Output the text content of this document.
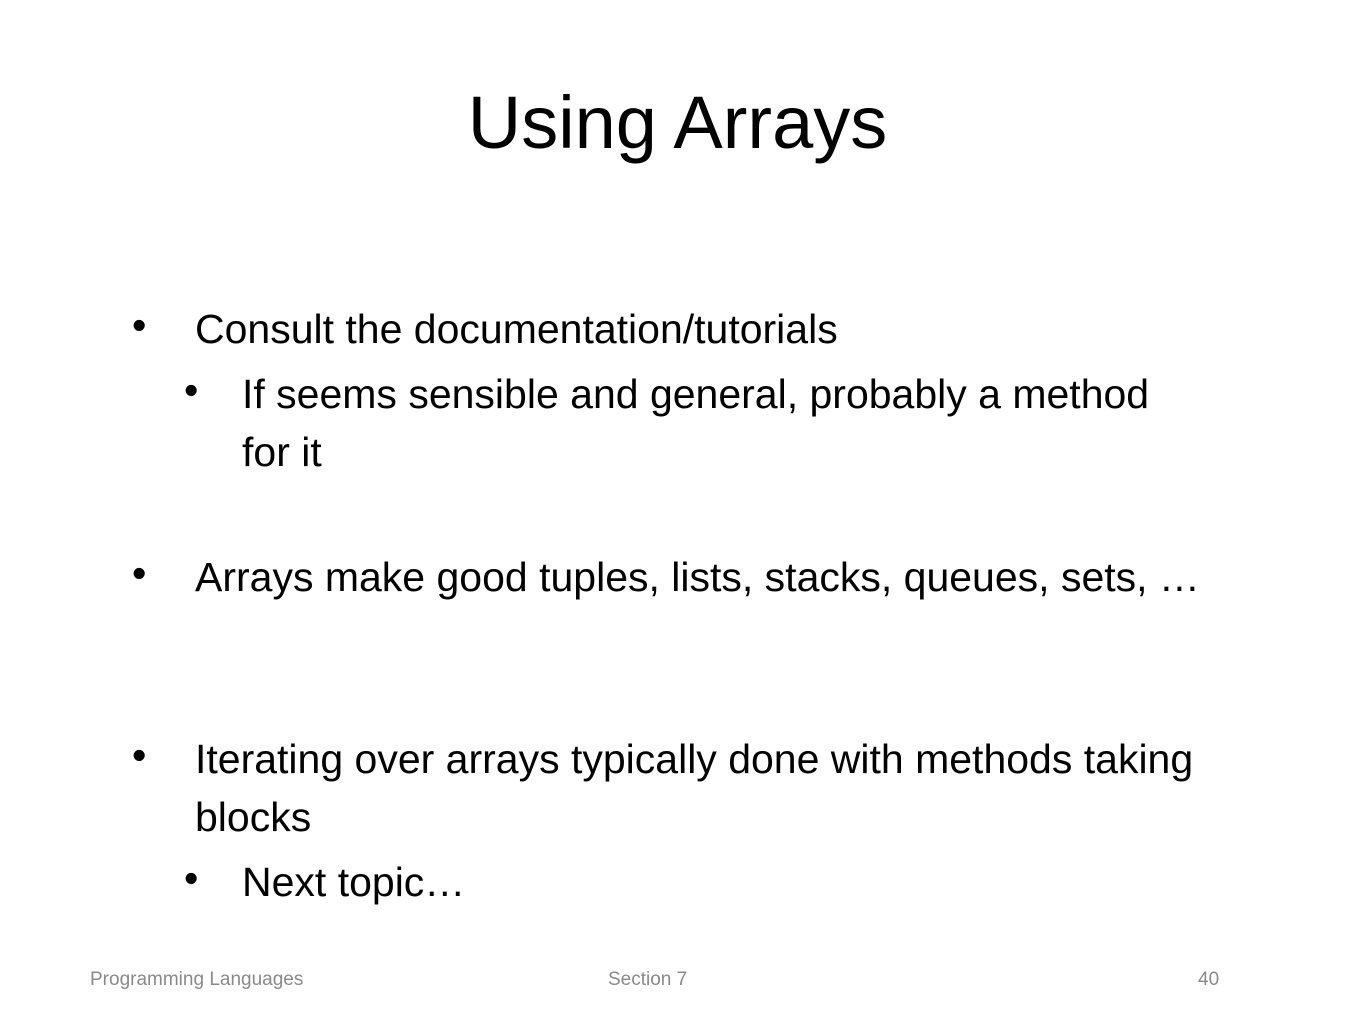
Using Arrays
• Consult the documentation/tutorials
• If seems sensible and general, probably a method for it
• Arrays make good tuples, lists, stacks, queues, sets, …
• Iterating over arrays typically done with methods taking blocks
• Next topic…
Programming Languages	Section 7	40
